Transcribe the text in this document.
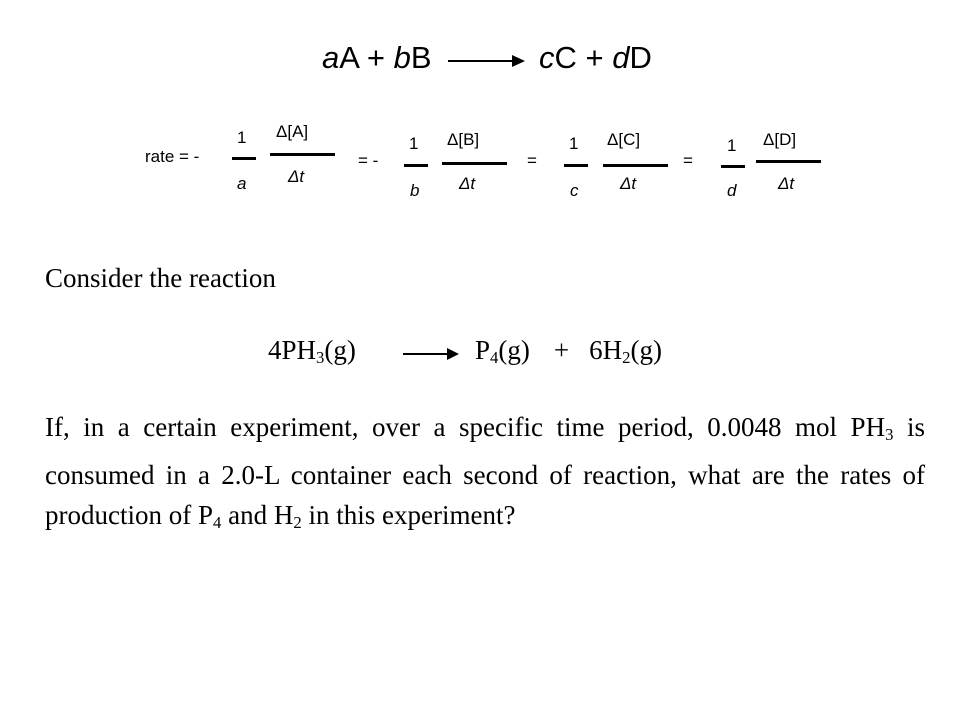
aA + bB	cC + dD
rate = -
1
a
Δ[A]
Δt
= -
1
b
Δ[B]
Δt
=
1
c
Δ[C]
Δt
=
1
d
Δ[D]
Δt
Consider the reaction
$4PH_3(g)$	$P_4(g) + 6H_2(g)$
If, in a certain experiment, over a specific time period, 0.0048 mol $PH_3$ is consumed in a 2.0-L container each second of reaction, what are the rates of production of $P_4$ and $H_2$ in this experiment?
